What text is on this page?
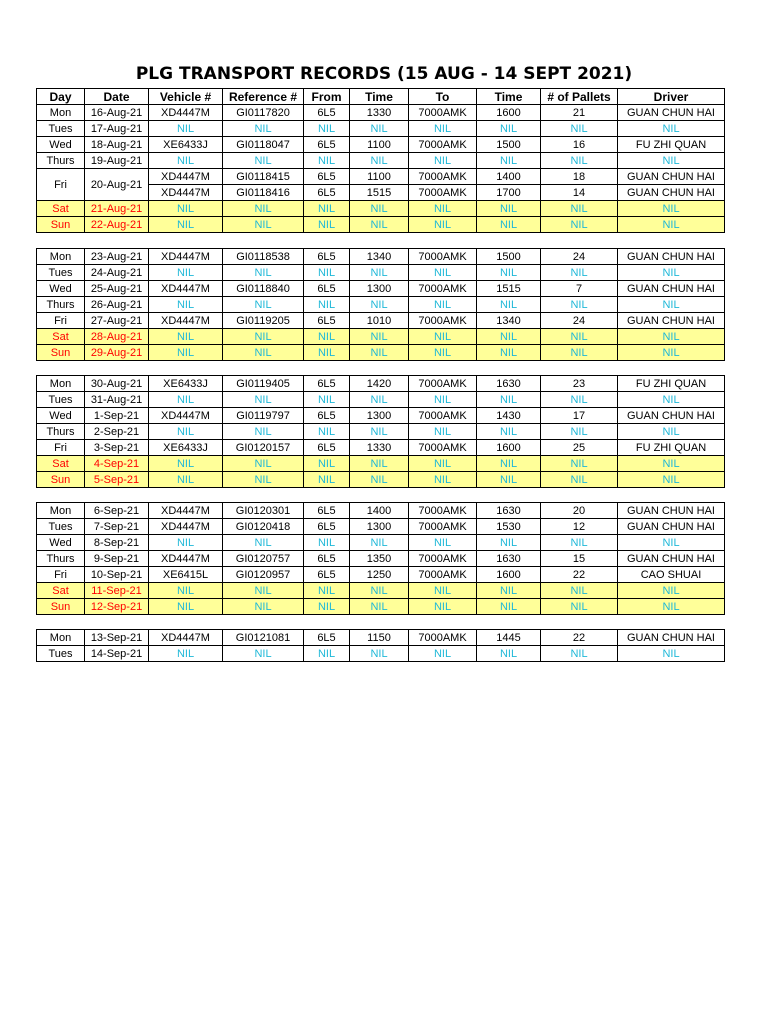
PLG TRANSPORT RECORDS (15 AUG - 14 SEPT 2021)
Day	Date	Vehicle #	Reference #	From	Time	To	Time	# of Pallets	Driver
Mon	16-Aug-21	XD4447M	GI0117820	6L5	1330	7000AMK	1600	21	GUAN CHUN HAI
Tues	17-Aug-21	NIL	NIL	NIL	NIL	NIL	NIL	NIL	NIL
Wed	18-Aug-21	XE6433J	GI0118047	6L5	1100	7000AMK	1500	16	FU ZHI QUAN
Thurs	19-Aug-21	NIL	NIL	NIL	NIL	NIL	NIL	NIL	NIL
Fri	20-Aug-21	XD4447M	GI0118415	6L5	1100	7000AMK	1400	18	GUAN CHUN HAI
		XD4447M	GI0118416	6L5	1515	7000AMK	1700	14	GUAN CHUN HAI
Sat	21-Aug-21	NIL	NIL	NIL	NIL	NIL	NIL	NIL	NIL
Sun	22-Aug-21	NIL	NIL	NIL	NIL	NIL	NIL	NIL	NIL
Mon	23-Aug-21	XD4447M	GI0118538	6L5	1340	7000AMK	1500	24	GUAN CHUN HAI
Tues	24-Aug-21	NIL	NIL	NIL	NIL	NIL	NIL	NIL	NIL
Wed	25-Aug-21	XD4447M	GI0118840	6L5	1300	7000AMK	1515	7	GUAN CHUN HAI
Thurs	26-Aug-21	NIL	NIL	NIL	NIL	NIL	NIL	NIL	NIL
Fri	27-Aug-21	XD4447M	GI0119205	6L5	1010	7000AMK	1340	24	GUAN CHUN HAI
Sat	28-Aug-21	NIL	NIL	NIL	NIL	NIL	NIL	NIL	NIL
Sun	29-Aug-21	NIL	NIL	NIL	NIL	NIL	NIL	NIL	NIL
Mon	30-Aug-21	XE6433J	GI0119405	6L5	1420	7000AMK	1630	23	FU ZHI QUAN
Tues	31-Aug-21	NIL	NIL	NIL	NIL	NIL	NIL	NIL	NIL
Wed	1-Sep-21	XD4447M	GI0119797	6L5	1300	7000AMK	1430	17	GUAN CHUN HAI
Thurs	2-Sep-21	NIL	NIL	NIL	NIL	NIL	NIL	NIL	NIL
Fri	3-Sep-21	XE6433J	GI0120157	6L5	1330	7000AMK	1600	25	FU ZHI QUAN
Sat	4-Sep-21	NIL	NIL	NIL	NIL	NIL	NIL	NIL	NIL
Sun	5-Sep-21	NIL	NIL	NIL	NIL	NIL	NIL	NIL	NIL
Mon	6-Sep-21	XD4447M	GI0120301	6L5	1400	7000AMK	1630	20	GUAN CHUN HAI
Tues	7-Sep-21	XD4447M	GI0120418	6L5	1300	7000AMK	1530	12	GUAN CHUN HAI
Wed	8-Sep-21	NIL	NIL	NIL	NIL	NIL	NIL	NIL	NIL
Thurs	9-Sep-21	XD4447M	GI0120757	6L5	1350	7000AMK	1630	15	GUAN CHUN HAI
Fri	10-Sep-21	XE6415L	GI0120957	6L5	1250	7000AMK	1600	22	CAO SHUAI
Sat	11-Sep-21	NIL	NIL	NIL	NIL	NIL	NIL	NIL	NIL
Sun	12-Sep-21	NIL	NIL	NIL	NIL	NIL	NIL	NIL	NIL
Mon	13-Sep-21	XD4447M	GI0121081	6L5	1150	7000AMK	1445	22	GUAN CHUN HAI
Tues	14-Sep-21	NIL	NIL	NIL	NIL	NIL	NIL	NIL	NIL
